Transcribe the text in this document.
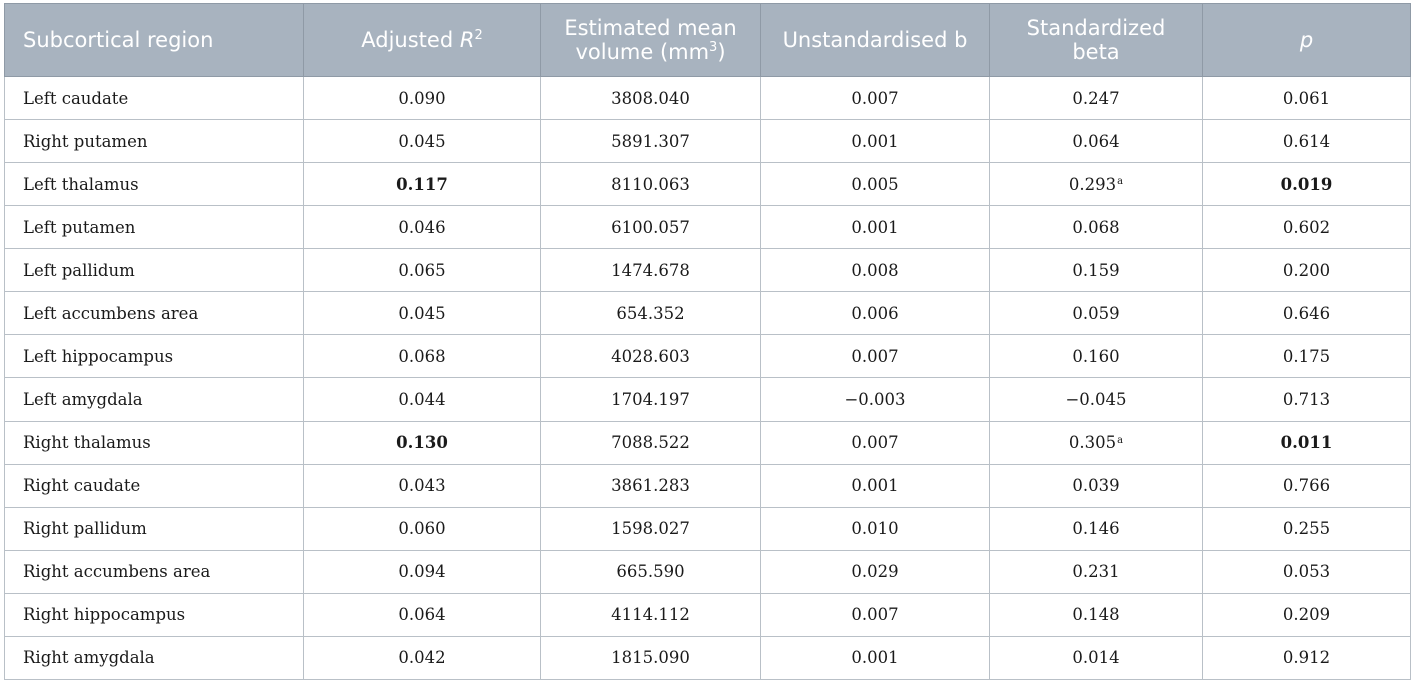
Subcortical region	Adjusted $R^2$	Estimated mean volume $(mm^3)$	Unstandardised b	Standardized beta	p
Left caudate	0.090	3808.040	0.007	0.247	0.061
Right putamen	0.045	5891.307	0.001	0.064	0.614
Left thalamus	0.117	8110.063	0.005	0.293$^a$	0.019
Left putamen	0.046	6100.057	0.001	0.068	0.602
Left pallidum	0.065	1474.678	0.008	0.159	0.200
Left accumbens area	0.045	654.352	0.006	0.059	0.646
Left hippocampus	0.068	4028.603	0.007	0.160	0.175
Left amygdala	0.044	1704.197	−0.003	−0.045	0.713
Right thalamus	0.130	7088.522	0.007	0.305$^a$	0.011
Right caudate	0.043	3861.283	0.001	0.039	0.766
Right pallidum	0.060	1598.027	0.010	0.146	0.255
Right accumbens area	0.094	665.590	0.029	0.231	0.053
Right hippocampus	0.064	4114.112	0.007	0.148	0.209
Right amygdala	0.042	1815.090	0.001	0.014	0.912
